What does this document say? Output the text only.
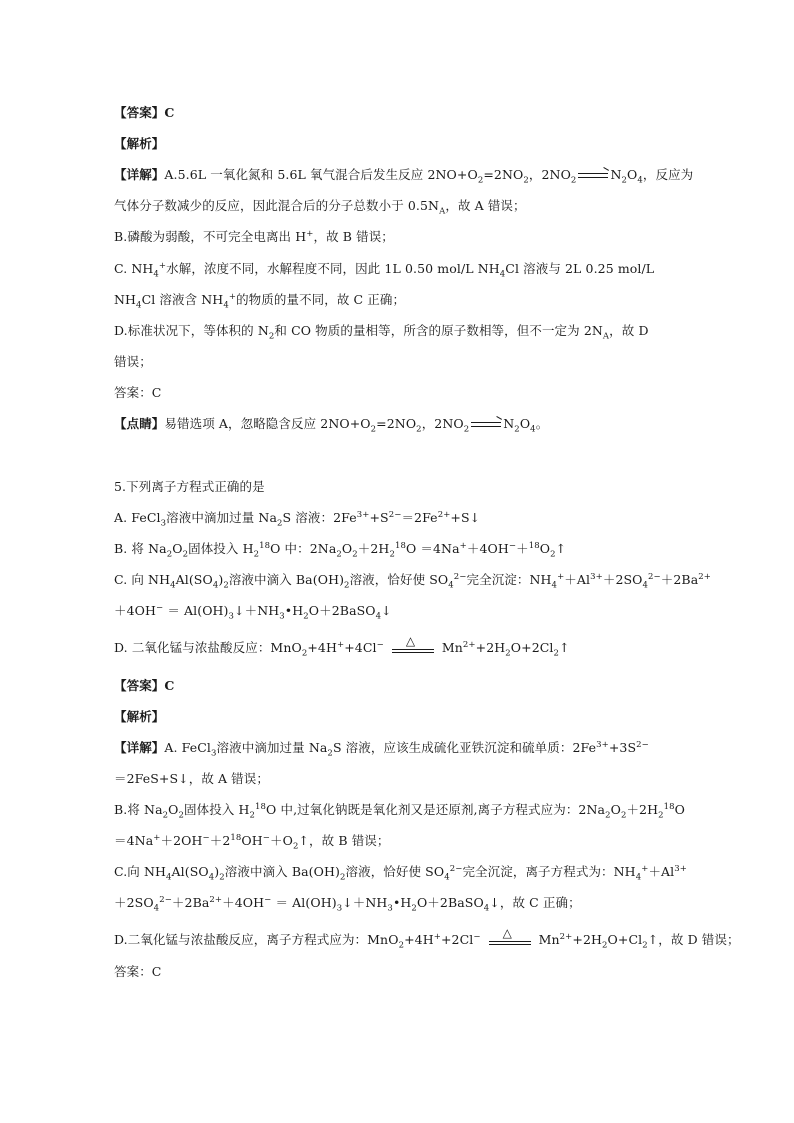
【答案】C
【解析】
【详解】A.5.6L 一氧化氮和 5.6L 氧气混合后发生反应 $2NO+O_2=2NO_2$，$2NO_2 \to N_2O_4$，反应为
气体分子数减少的反应，因此混合后的分子总数小于 $0.5N_A$，故 A 错误；
B.磷酸为弱酸，不可完全电离出 H+，故 B 错误；
C. $NH_4^+$水解，浓度不同，水解程度不同，因此 1L 0.50 mol/L $NH_4Cl$ 溶液与 2L 0.25 mol/L
$NH_4Cl$ 溶液含 $NH_4^+$的物质的量不同，故 C 正确；
D.标准状况下，等体积的 $N_2$和 CO 物质的量相等，所含的原子数相等，但不一定为 $2N_A$，故 D
错误；
答案：C
【点睛】易错选项 A，忽略隐含反应 $2NO+O_2=2NO_2$，$2NO_2 \to N_2O_4$。
5.下列离子方程式正确的是
A. FeCl$_3$溶液中滴加过量 $Na_2S$ 溶液：$2Fe^{3+}+S^{2-}=2Fe^{2+}+S↓$
B. 将 $Na_2O_2$固体投入 $H_2^{18}O$ 中：$2Na_2O_2+2H_2^{18}O$ $=4Na^++4OH^-+^{18}O_2↑$
C. 向 $NH_4Al(SO_4)_2$溶液中滴入 $Ba(OH)_2$溶液，恰好使 $SO_4^{2-}$完全沉淀：$NH_4^++Al^{3+}+2SO_4^{2-}+2Ba^{2+}$
$+4OH^- = Al(OH)_3↓+NH_3•H_2O+2BaSO_4↓$
D. 二氧化锰与浓盐酸反应：MnO$_2$+4H++4Cl− △ $Mn^{2+}+2H_2O+2Cl_2↑$
【答案】C
【解析】
【详解】A. FeCl$_3$溶液中滴加过量 $Na_2S$ 溶液，应该生成硫化亚铁沉淀和硫单质：$2Fe^{3+}+3S^{2-}$
＝2FeS+S↓，故 A 错误；
B.将 $Na_2O_2$固体投入 $H_2^{18}O$ 中,过氧化钠既是氧化剂又是还原剂,离子方程式应为：$2Na_2O_2+2H_2^{18}O$
$=4Na^++2OH^-+2^{18}OH^-+O_2↑$，故 B 错误；
C.向 $NH_4Al(SO_4)_2$溶液中滴入 $Ba(OH)_2$溶液，恰好使 $SO_4^{2-}$完全沉淀，离子方程式为：$NH_4^++Al^{3+}$
$+2SO_4^{2-}+2Ba^{2+}+4OH^-$ ＝ $Al(OH)_3↓+NH_3•H_2O+2BaSO_4↓$，故 C 正确；
D.二氧化锰与浓盐酸反应，离子方程式应为：MnO$_2$+4H++2Cl− △ $Mn^{2+}+2H_2O+Cl_2↑$，故 D 错误；
答案：C
